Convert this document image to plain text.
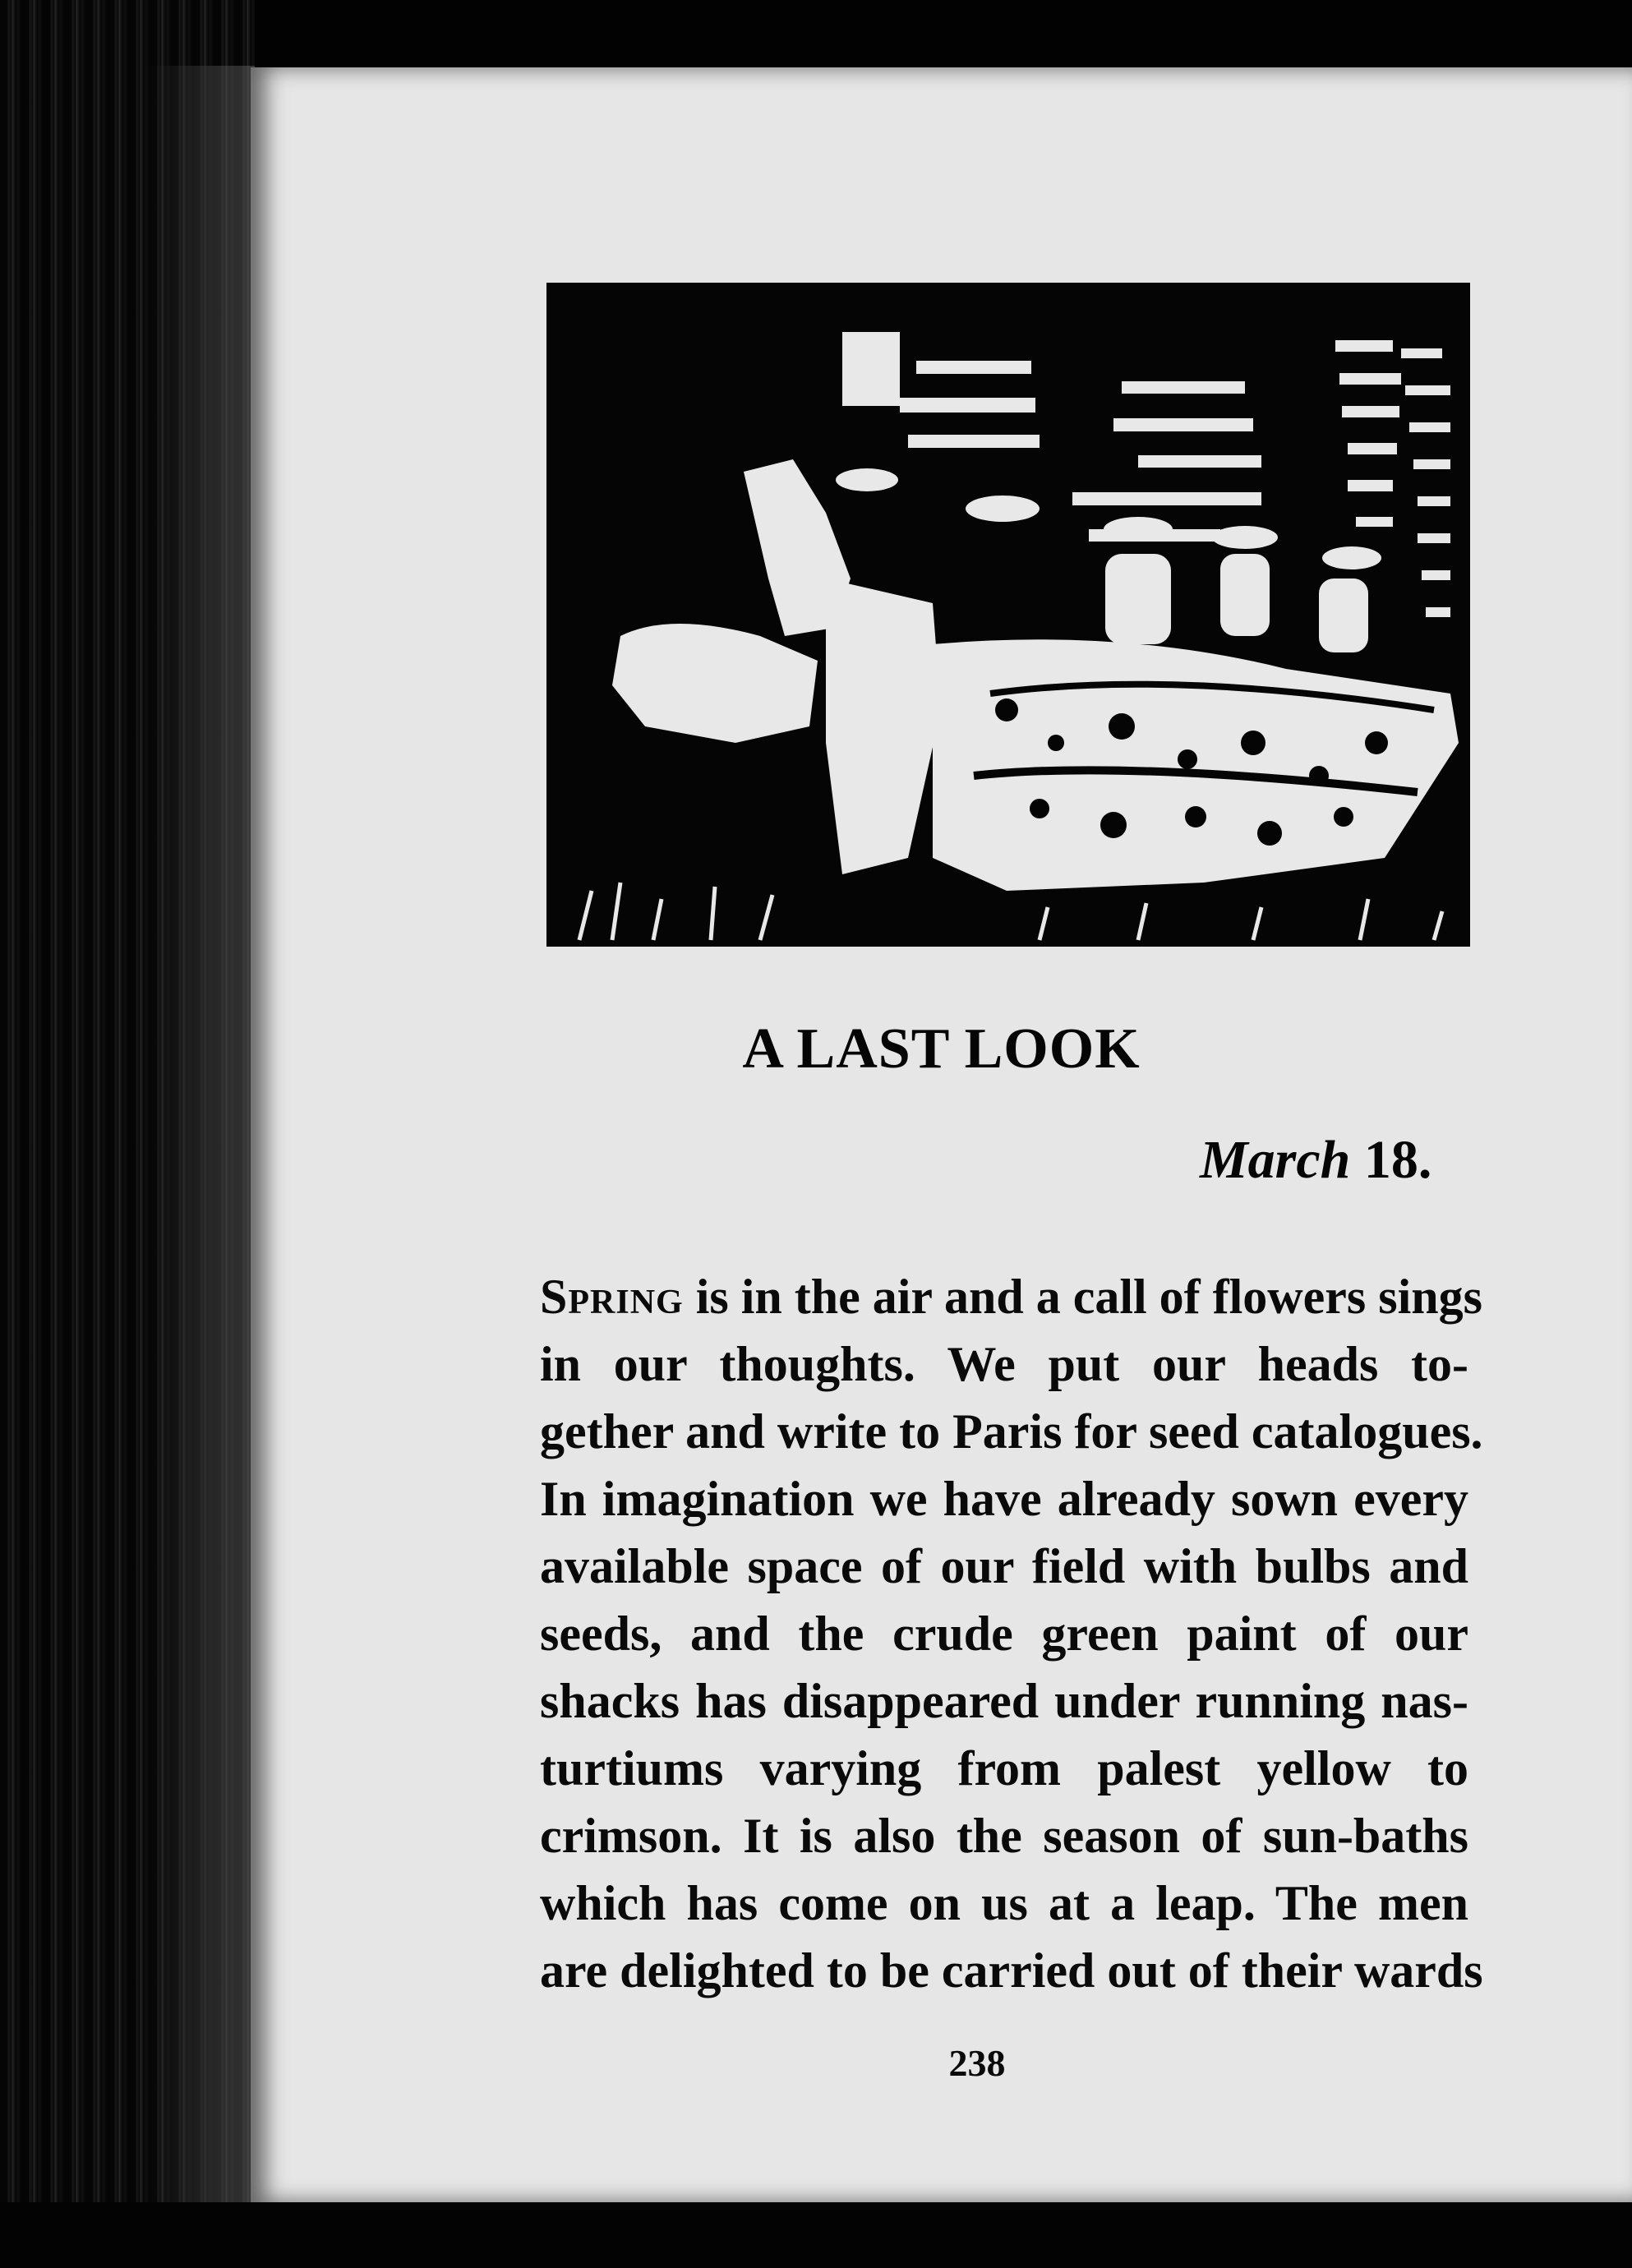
A LAST LOOK
March 18.
Spring is in the air and a call of flowers sings
in our thoughts. We put our heads to-
gether and write to Paris for seed catalogues.
In imagination we have already sown every
available space of our field with bulbs and
seeds, and the crude green paint of our
shacks has disappeared under running nas-
turtiums varying from palest yellow to
crimson. It is also the season of sun-baths
which has come on us at a leap. The men
are delighted to be carried out of their wards
238
